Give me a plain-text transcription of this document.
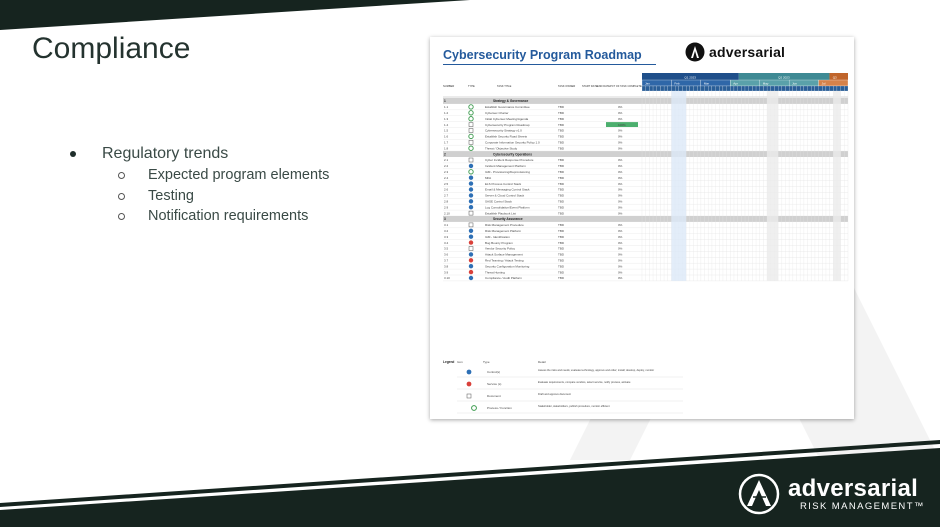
Compliance
Regulatory trends
Expected program elements
Testing
Notification requirements
Cybersecurity Program Roadmap	adversarial
NUMBER	TYPE	TASK TITLE	TASK OWNER	START DATE END DATE PCT OF TASK COMPLETE
Q1 2023	Q2 2023	Q3
Jan	Feb	Mar	Apr	May	Jun	Jul
1	Strategy & Governance
1.1	Establish Governance Committee	TBD	0%
1.2	Cybersec Charter	TBD	0%
1.3	Initial Cybersec Meeting/Agenda	TBD	0%
1.4	Cybersecurity Program Roadmap	TBD	100%
1.5	Cybersecurity Strategy v1.0	TBD	0%
1.6	Establish Security Road Sheets	TBD	0%
1.7	Corporate Information Security Policy 1.0	TBD	0%
1.8	Threat / Objective Study	TBD	0%
2	Cybersecurity Operations
2.1	Cyber Incident Response Procedure	TBD	0%
2.2	Incident Management Platform	TBD	0%
2.3	IAM - Provisioning/Deprovisioning	TBD	0%
2.4	MFA	TBD	0%
2.5	ELS Process Control Stack	TBD	0%
2.6	Email & Messaging Control Stack	TBD	0%
2.7	Server & Cloud Control Stack	TBD	0%
2.8	SASE Control Stack	TBD	0%
2.9	Log Consolidation/Event Platform	TBD	0%
2.10	Establish Playbook List	TBD	0%
3	Security Assurance
3.1	Risk Management Procedure	TBD	0%
3.2	Risk Management Platform	TBD	0%
3.3	IAM - Identification	TBD	0%
3.4	Bug Bounty Program	TBD	0%
3.5	Vendor Security Policy	TBD	0%
3.6	Attack Surface Management	TBD	0%
3.7	Red Teaming / Attack Testing	TBD	0%
3.8	Security Configuration Monitoring	TBD	0%
3.9	Threat Hunting	TBD	0%
3.10	Compliance / Audit Platform	TBD	0%
Legend Icon	Type	Detail
Control(s)	Assess the risks and needs; evaluate technology, approve and order; install; develop, deploy, monitor
Service (s)	Evaluate requirements, compare vendors, select service, notify process, activate
Document	Draft and approve document
Process / Function	Stakeholder, stakeholders, publish procedure, monitor efficient
adversarial
RISK MANAGEMENT™
